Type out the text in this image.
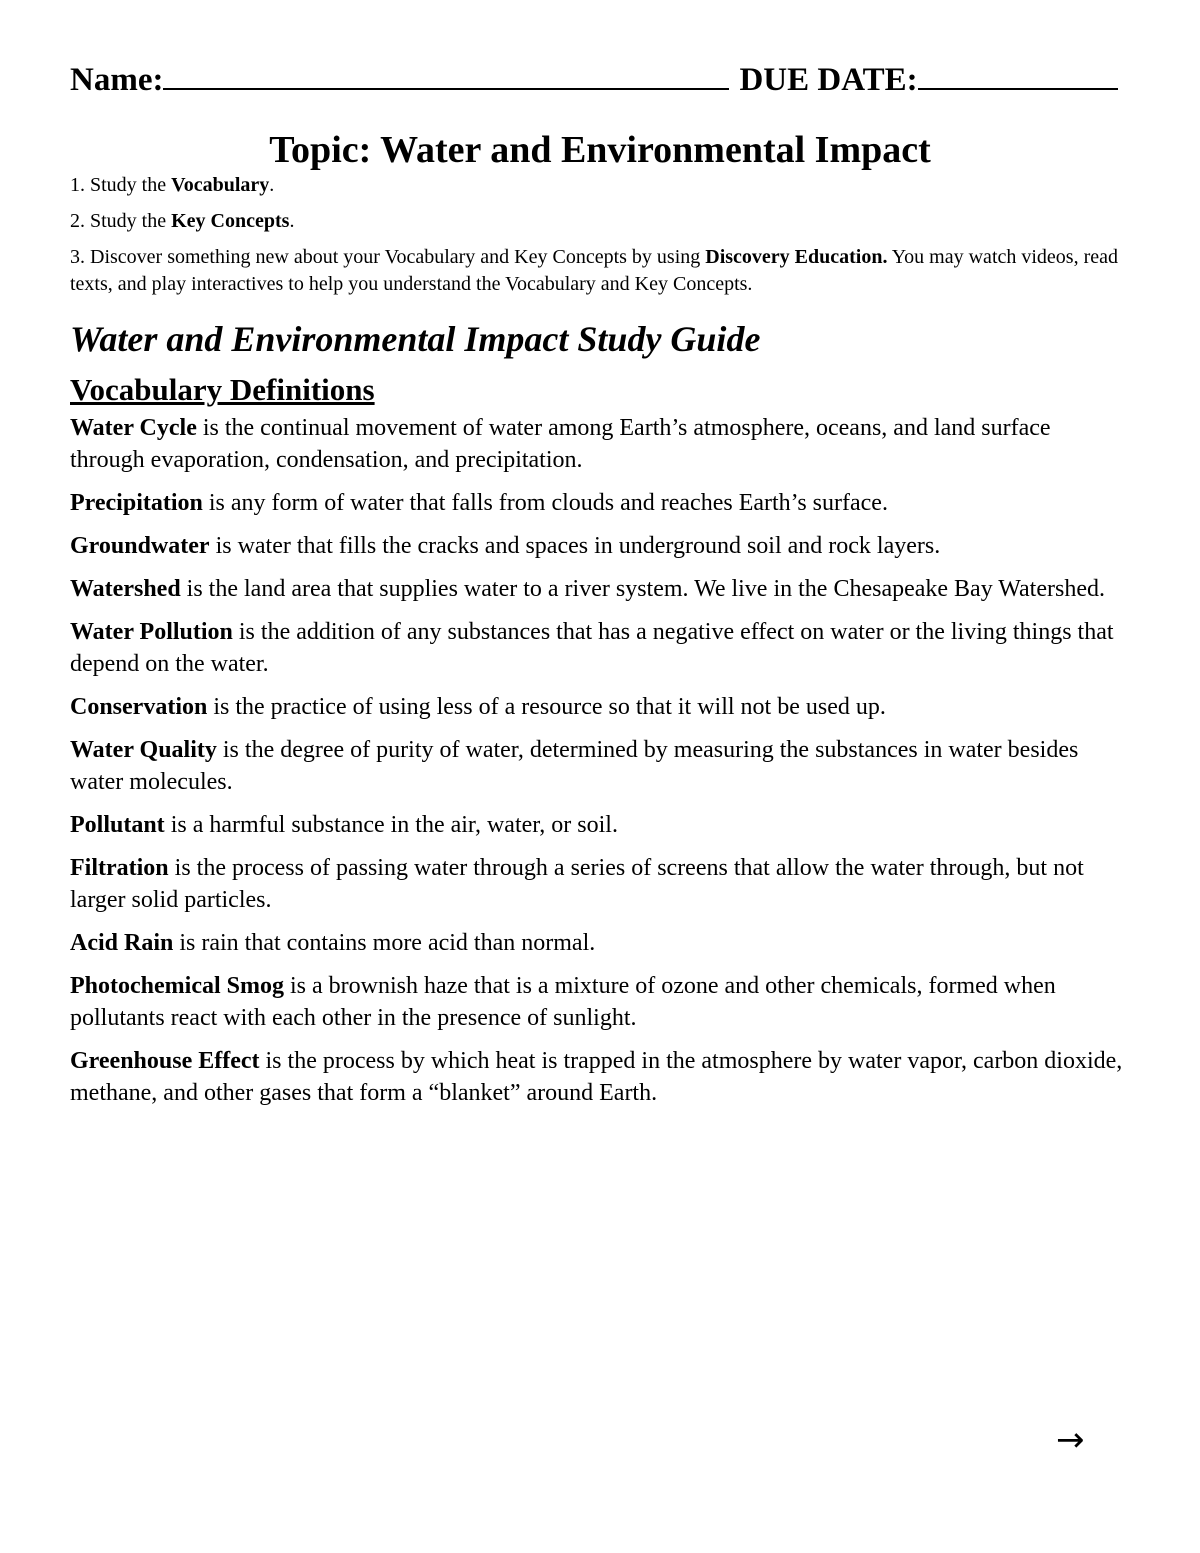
Name:	DUE DATE:
Topic: Water and Environmental Impact
1. Study the Vocabulary.
2. Study the Key Concepts.
3. Discover something new about your Vocabulary and Key Concepts by using Discovery Education. You may watch videos, read texts, and play interactives to help you understand the Vocabulary and Key Concepts.
Water and Environmental Impact Study Guide
Vocabulary Definitions

Water Cycle is the continual movement of water among Earth’s atmosphere, oceans, and land surface through evaporation, condensation, and precipitation.

Precipitation is any form of water that falls from clouds and reaches Earth’s surface.

Groundwater is water that fills the cracks and spaces in underground soil and rock layers.

Watershed is the land area that supplies water to a river system. We live in the Chesapeake Bay Watershed.

Water Pollution is the addition of any substances that has a negative effect on water or the living things that depend on the water.

Conservation is the practice of using less of a resource so that it will not be used up.

Water Quality is the degree of purity of water, determined by measuring the substances in water besides water molecules.

Pollutant is a harmful substance in the air, water, or soil.

Filtration is the process of passing water through a series of screens that allow the water through, but not larger solid particles.

Acid Rain is rain that contains more acid than normal.

Photochemical Smog is a brownish haze that is a mixture of ozone and other chemicals, formed when pollutants react with each other in the presence of sunlight.

Greenhouse Effect is the process by which heat is trapped in the atmosphere by water vapor, carbon dioxide, methane, and other gases that form a “blanket” around Earth.

→
